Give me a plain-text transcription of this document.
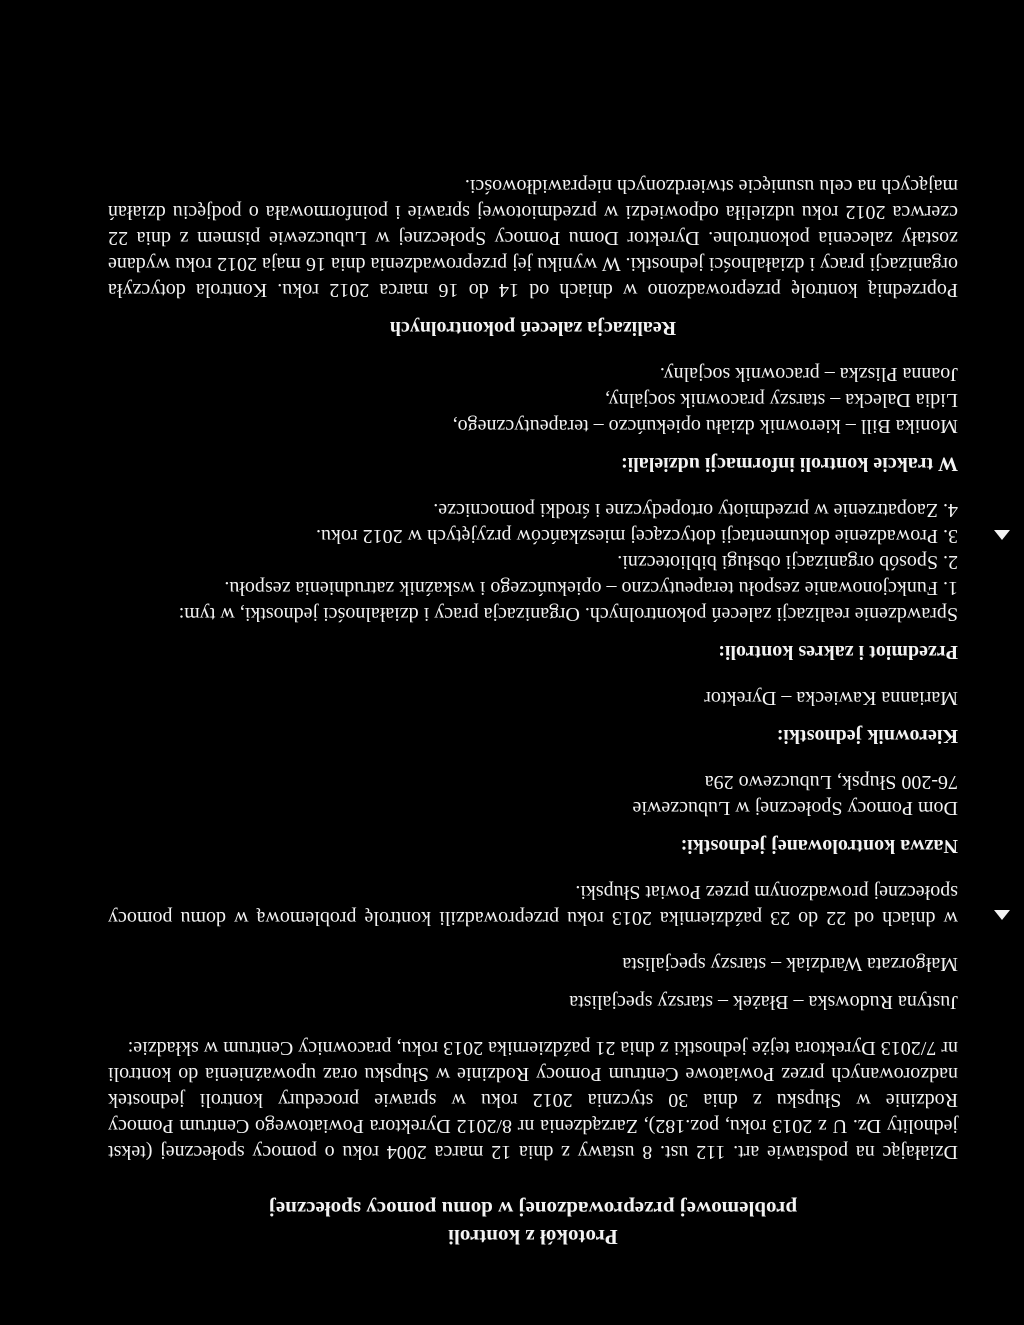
Protokół z kontroli
problemowej przeprowadzonej w domu pomocy społecznej

Działając na podstawie art. 112 ust. 8 ustawy z dnia 12 marca 2004 roku o pomocy społecznej (tekst jednolity Dz. U z 2013 roku, poz.182), Zarządzenia nr 8/2012 Dyrektora Powiatowego Centrum Pomocy Rodzinie w Słupsku z dnia 30 stycznia 2012 roku w sprawie procedury kontroli jednostek nadzorowanych przez Powiatowe Centrum Pomocy Rodzinie w Słupsku oraz upoważnienia do kontroli nr 7/2013 Dyrektora tejże jednostki z dnia 21 października 2013 roku, pracownicy Centrum w składzie:

Justyna Rudowska – Błażek – starszy specjalista

Małgorzata Wardziak – starszy specjalista

w dniach od 22 do 23 października 2013 roku przeprowadzili kontrolę problemową w domu pomocy społecznej prowadzonym przez Powiat Słupski.

Nazwa kontrolowanej jednostki:

Dom Pomocy Społecznej w Lubuczewie

76-200 Słupsk, Lubuczewo 29a

Kierownik jednostki:

Marianna Kawiecka – Dyrektor

Przedmiot i zakres kontroli:

Sprawdzenie realizacji zaleceń pokontrolnych. Organizacja pracy i działalności jednostki, w tym:

1. Funkcjonowanie zespołu terapeutyczno – opiekuńczego i wskaźnik zatrudnienia zespołu.

2. Sposób organizacji obsługi biblioteczni.

3. Prowadzenie dokumentacji dotyczącej mieszkańców przyjętych w 2012 roku.

4. Zaopatrzenie w przedmioty ortopedyczne i środki pomocnicze.

W trakcie kontroli informacji udzielali:

Monika Bill – kierownik działu opiekuńczo – terapeutycznego,

Lidia Dalecka – starszy pracownik socjalny,

Joanna Pliszka – pracownik socjalny.

Realizacja zaleceń pokontrolnych

Poprzednią kontrolę przeprowadzono w dniach od 14 do 16 marca 2012 roku. Kontrola dotyczyła organizacji pracy i działalności jednostki. W wyniku jej przeprowadzenia dnia 16 maja 2012 roku wydane zostały zalecenia pokontrolne. Dyrektor Domu Pomocy Społecznej w Lubuczewie pismem z dnia 22 czerwca 2012 roku udzieliła odpowiedzi w przedmiotowej sprawie i poinformowała o podjęciu działań mających na celu usunięcie stwierdzonych nieprawidłowości.
